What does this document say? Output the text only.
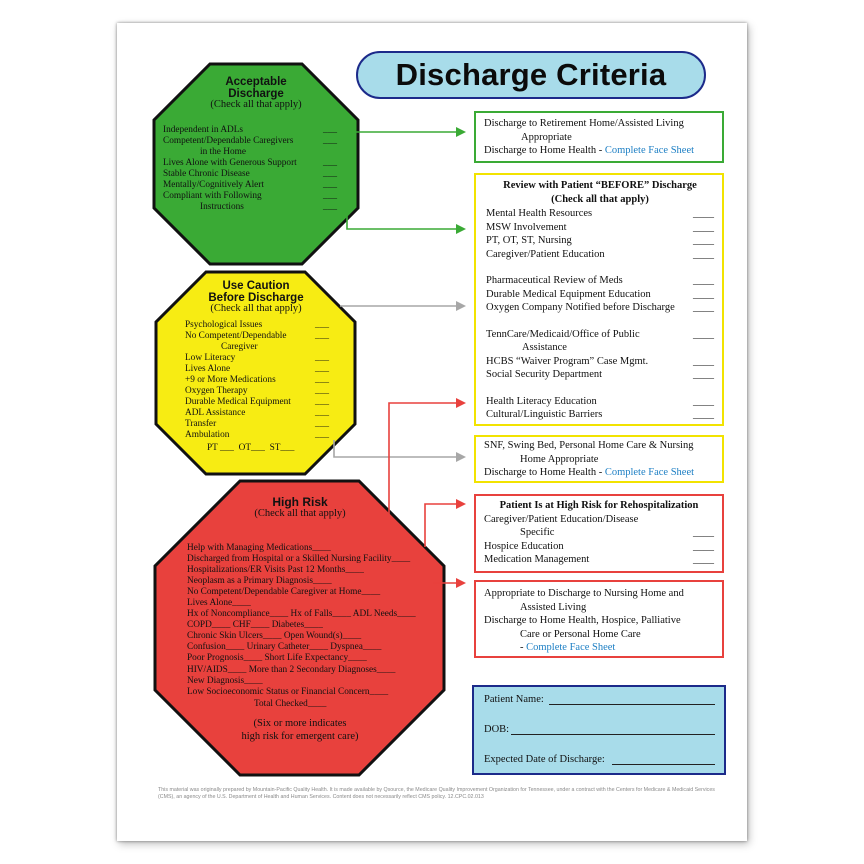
Discharge Criteria
Acceptable
Discharge
(Check all that apply)
Independent in ADLs	___
Competent/Dependable Caregivers	___
in the Home
Lives Alone with Generous Support	___
Stable Chronic Disease	___
Mentally/Cognitively Alert	___
Compliant with Following	___
Instructions	___
Use Caution
Before Discharge
(Check all that apply)
Psychological Issues	___
No Competent/Dependable	___
Caregiver
Low Literacy	___
Lives Alone	___
+9 or More Medications	___
Oxygen Therapy	___
Durable Medical Equipment	___
ADL Assistance	___
Transfer	___
Ambulation	___
PT ___  OT___  ST___
High Risk
(Check all that apply)
Help with Managing Medications____
Discharged from Hospital or a Skilled Nursing Facility____
Hospitalizations/ER Visits Past 12 Months____
Neoplasm as a Primary Diagnosis____
No Competent/Dependable Caregiver at Home____
Lives Alone____
Hx of Noncompliance____ Hx of Falls____ ADL Needs____
COPD____ CHF____ Diabetes____
Chronic Skin Ulcers____ Open Wound(s)____
Confusion____ Urinary Catheter____ Dyspnea____
Poor Prognosis____ Short Life Expectancy____
HIV/AIDS____ More than 2 Secondary Diagnoses____
New Diagnosis____
Low Socioeconomic Status or Financial Concern____
Total Checked____
(Six or more indicates
high risk for emergent care)
Discharge to Retirement Home/Assisted Living
Appropriate
Discharge to Home Health - Complete Face Sheet
Review with Patient “BEFORE” Discharge
(Check all that apply)
Mental Health Resources	____
MSW Involvement	____
PT, OT, ST, Nursing	____
Caregiver/Patient Education	____
Pharmaceutical Review of Meds	____
Durable Medical Equipment Education	____
Oxygen Company Notified before Discharge ____
TennCare/Medicaid/Office of Public	____
Assistance
HCBS “Waiver Program” Case Mgmt.	____
Social Security Department	____
Health Literacy Education	____
Cultural/Linguistic Barriers	____
SNF, Swing Bed, Personal Home Care & Nursing
Home Appropriate
Discharge to Home Health - Complete Face Sheet
Patient Is at High Risk for Rehospitalization
Caregiver/Patient Education/Disease
Specific	____
Hospice Education	____
Medication Management	____
Appropriate to Discharge to Nursing Home and
Assisted Living
Discharge to Home Health, Hospice, Palliative
Care or Personal Home Care
- Complete Face Sheet
Patient Name:
DOB:
Expected Date of Discharge:
This material was originally prepared by Mountain-Pacific Quality Health. It is made available by Qsource, the Medicare Quality Improvement Organization for Tennessee, under a contract with the Centers for Medicare & Medicaid Services (CMS), an agency of the U.S. Department of Health and Human Services. Content does not necessarily reflect CMS policy. 12.CPC.02.013
